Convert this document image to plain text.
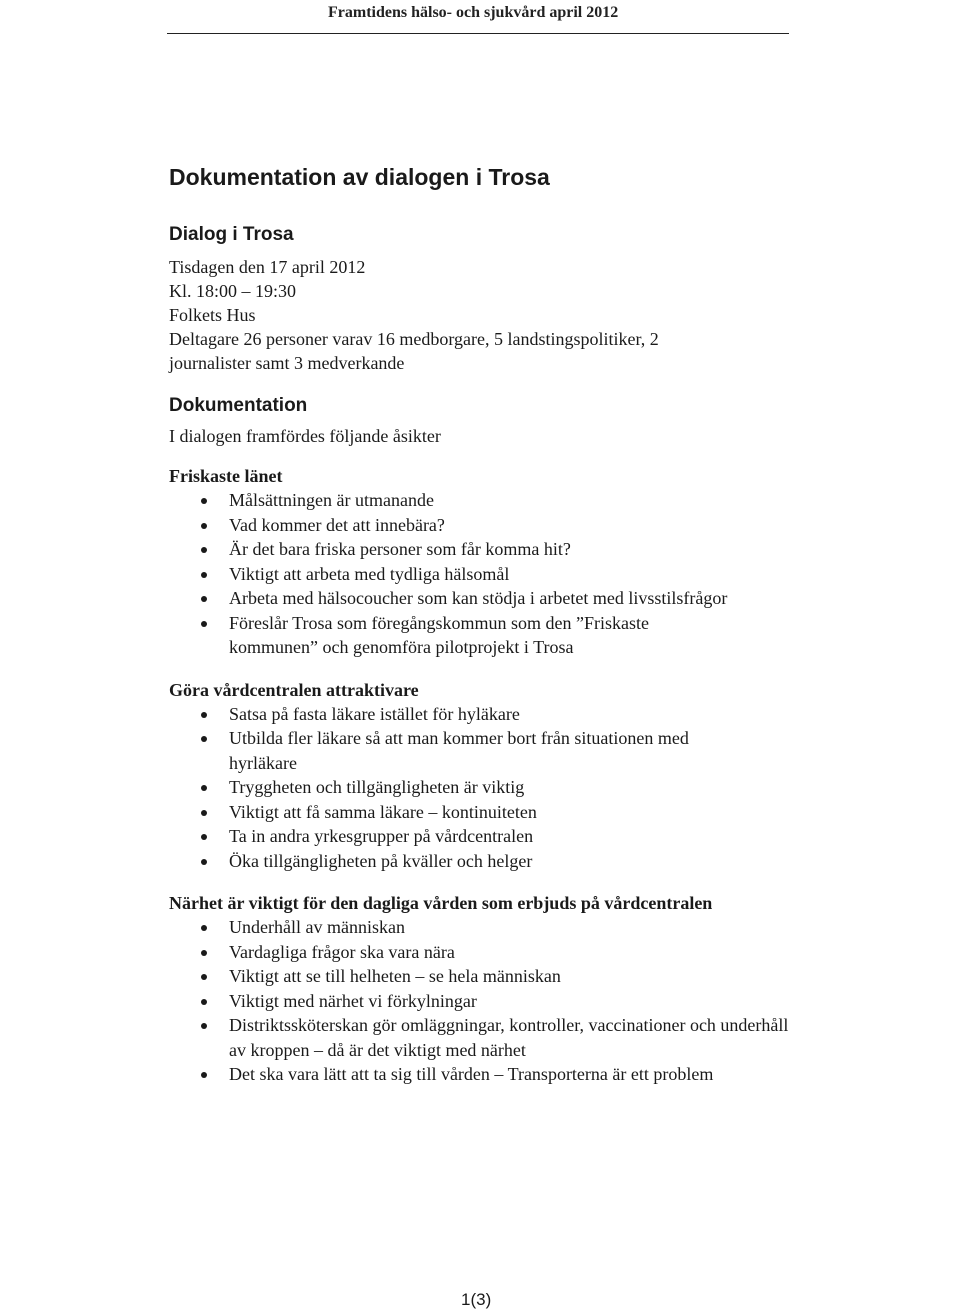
Framtidens hälso- och sjukvård april 2012
Dokumentation av dialogen i Trosa
Dialog i Trosa
Tisdagen den 17 april 2012
Kl. 18:00 – 19:30
Folkets Hus
Deltagare 26 personer varav 16 medborgare, 5 landstingspolitiker, 2 journalister samt 3 medverkande
Dokumentation
I dialogen framfördes följande åsikter
Friskaste länet
Målsättningen är utmanande
Vad kommer det att innebära?
Är det bara friska personer som får komma hit?
Viktigt att arbeta med tydliga hälsomål
Arbeta med hälsocoucher som kan stödja i arbetet med livsstilsfrågor
Föreslår Trosa som föregångskommun som den ”Friskaste kommunen” och genomföra pilotprojekt i Trosa
Göra vårdcentralen attraktivare
Satsa på fasta läkare istället för hyläkare
Utbilda fler läkare så att man kommer bort från situationen med hyrläkare
Tryggheten och tillgängligheten är viktig
Viktigt att få samma läkare – kontinuiteten
Ta in andra yrkesgrupper på vårdcentralen
Öka tillgängligheten på kväller och helger
Närhet är viktigt för den dagliga vården som erbjuds på vårdcentralen
Underhåll av människan
Vardagliga frågor ska vara nära
Viktigt att se till helheten – se hela människan
Viktigt med närhet vi förkylningar
Distriktssköterskan gör omläggningar, kontroller, vaccinationer och underhåll av kroppen – då är det viktigt med närhet
Det ska vara lätt att ta sig till vården – Transporterna är ett problem
1(3)
